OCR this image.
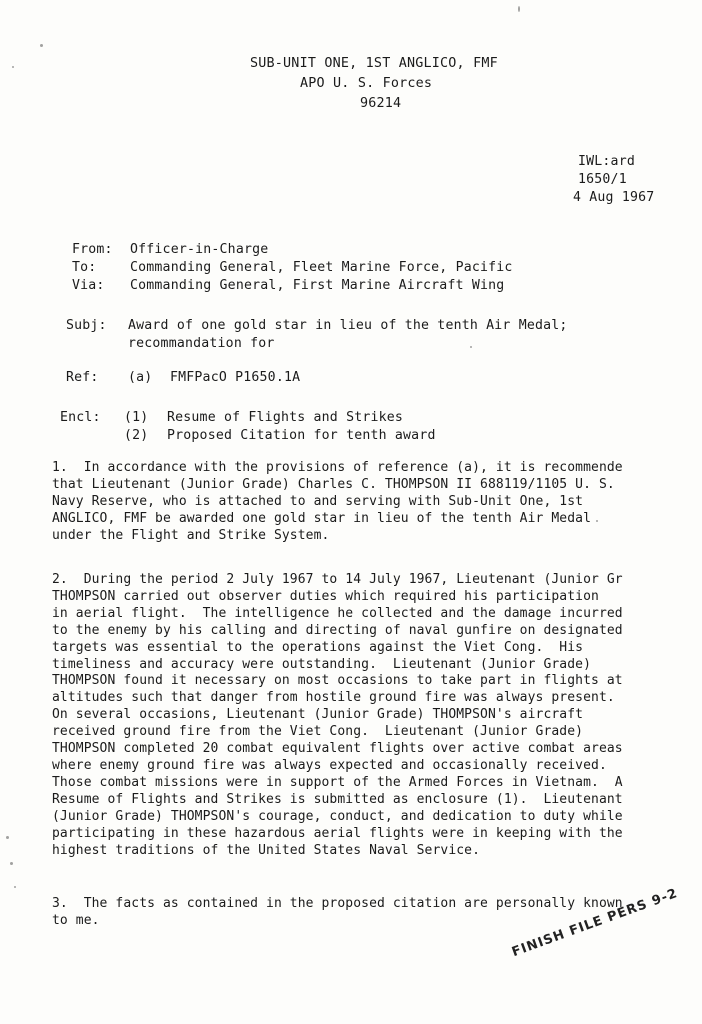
SUB-UNIT ONE, 1ST ANGLICO, FMF
APO U. S. Forces
96214
IWL:ard
1650/1
4 Aug 1967
From: Officer-in-Charge
To:	Commanding General, Fleet Marine Force, Pacific
Via: Commanding General, First Marine Aircraft Wing
Subj: Award of one gold star in lieu of the tenth Air Medal;
recommandation for
Ref: (a) FMFPacO P1650.1A
Encl: (1) Resume of Flights and Strikes
(2) Proposed Citation for tenth award
1.  In accordance with the provisions of reference (a), it is recommende
that Lieutenant (Junior Grade) Charles C. THOMPSON II 688119/1105 U. S.
Navy Reserve, who is attached to and serving with Sub-Unit One, 1st
ANGLICO, FMF be awarded one gold star in lieu of the tenth Air Medal
under the Flight and Strike System.
2.  During the period 2 July 1967 to 14 July 1967, Lieutenant (Junior Gr
THOMPSON carried out observer duties which required his participation
in aerial flight.  The intelligence he collected and the damage incurred
to the enemy by his calling and directing of naval gunfire on designated
targets was essential to the operations against the Viet Cong.  His
timeliness and accuracy were outstanding.  Lieutenant (Junior Grade)
THOMPSON found it necessary on most occasions to take part in flights at
altitudes such that danger from hostile ground fire was always present.
On several occasions, Lieutenant (Junior Grade) THOMPSON's aircraft
received ground fire from the Viet Cong.  Lieutenant (Junior Grade)
THOMPSON completed 20 combat equivalent flights over active combat areas
where enemy ground fire was always expected and occasionally received.
Those combat missions were in support of the Armed Forces in Vietnam.  A
Resume of Flights and Strikes is submitted as enclosure (1).  Lieutenant
(Junior Grade) THOMPSON's courage, conduct, and dedication to duty while
participating in these hazardous aerial flights were in keeping with the
highest traditions of the United States Naval Service.
3.  The facts as contained in the proposed citation are personally known
to me.	FINISH FILE PERS 9-2
